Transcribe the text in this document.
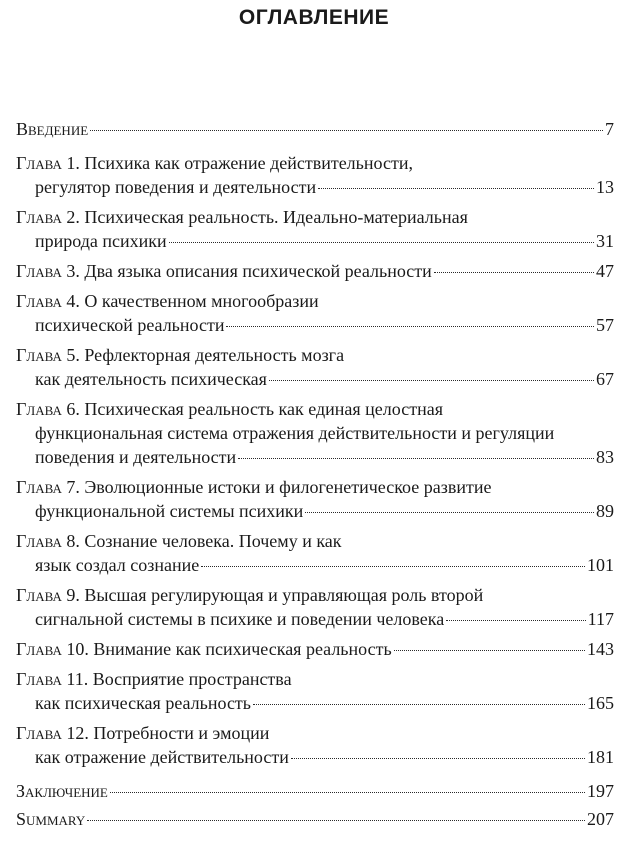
ОГЛАВЛЕНИЕ
Введение	7
Глава
1. Психика как отражение действительности,
регулятор поведения и деятельности	13
Глава
2. Психическая реальность. Идеально-материальная
природа психики	31
Глава
3. Два языка описания психической реальности	47
Глава
4. О качественном многообразии
психической реальности	57
Глава
5. Рефлекторная деятельность мозга
как деятельность психическая	67
Глава
6. Психическая реальность как единая целостная
функциональная система отражения действительности и регуляции
поведения и деятельности	83
Глава
7. Эволюционные истоки и филогенетическое развитие
функциональной системы психики	89
Глава
8. Сознание человека. Почему и как
язык создал сознание	101
Глава
9. Высшая регулирующая и управляющая роль второй
сигнальной системы в психике и поведении человека	117
Глава
10. Внимание как психическая реальность	143
Глава
11. Восприятие пространства
как психическая реальность	165
Глава
12. Потребности и эмоции
как отражение действительности	181
Заключение	197
Summary	207
